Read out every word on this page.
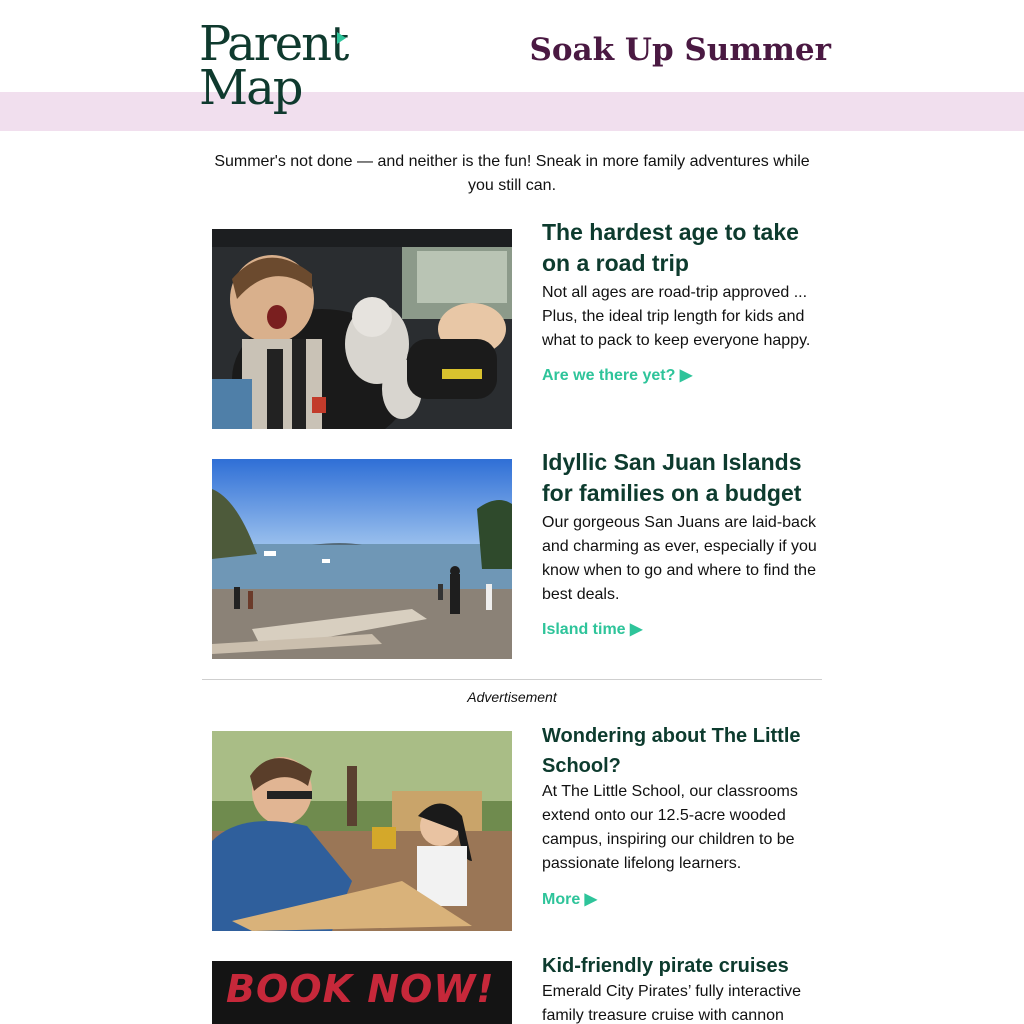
Parent
Map
Soak Up Summer
Summer's not done — and neither is the fun! Sneak in more family adventures while you still can.
The hardest age to take on a road trip
Not all ages are road-trip approved ... Plus, the ideal trip length for kids and what to pack to keep everyone happy.
Are we there yet? ▶
Idyllic San Juan Islands for families on a budget
Our gorgeous San Juans are laid-back and charming as ever, especially if you know when to go and where to find the best deals.
Island time ▶
Advertisement
Wondering about The Little School?
At The Little School, our classrooms extend onto our 12.5-acre wooded campus, inspiring our children to be passionate lifelong learners.
More ▶
BOOK NOW!
Kid-friendly pirate cruises
Emerald City Pirates’ fully interactive family treasure cruise with cannon
